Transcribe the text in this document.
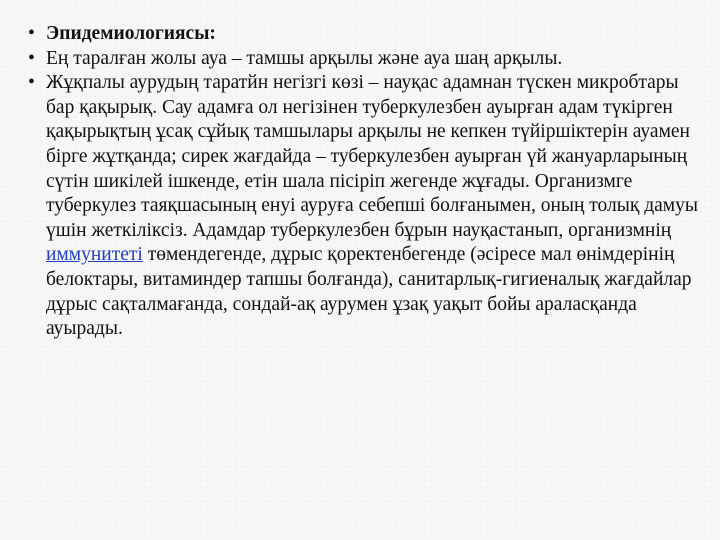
• Эпидемиологиясы:
• Ең таралған жолы ауа – тамшы арқылы және ауа шаң арқылы.
• Жұқпалы аурудың таратйн негізгі көзі – науқас адамнан түскен микробтары бар қақырық. Сау адамға ол негізінен туберкулезбен ауырған адам түкірген қақырықтың ұсақ сұйық тамшылары арқылы не кепкен түйіршіктерін ауамен бірге жұтқанда; сирек жағдайда – туберкулезбен ауырған үй жануарларының сүтін шикілей ішкенде, етін шала пісіріп жегенде жұғады. Организмге туберкулез таяқшасының енуі ауруға себепші болғанымен, оның толық дамуы үшін жеткіліксіз. Адамдар туберкулезбен бұрын науқастанып, организмнің иммунитеті төмендегенде, дұрыс қоректенбегенде (әсіресе мал өнімдерінің белоктары, витаминдер тапшы болғанда), санитарлық-гигиеналық жағдайлар дұрыс сақталмағанда, сондай-ақ аурумен ұзақ уақыт бойы араласқанда ауырады.
